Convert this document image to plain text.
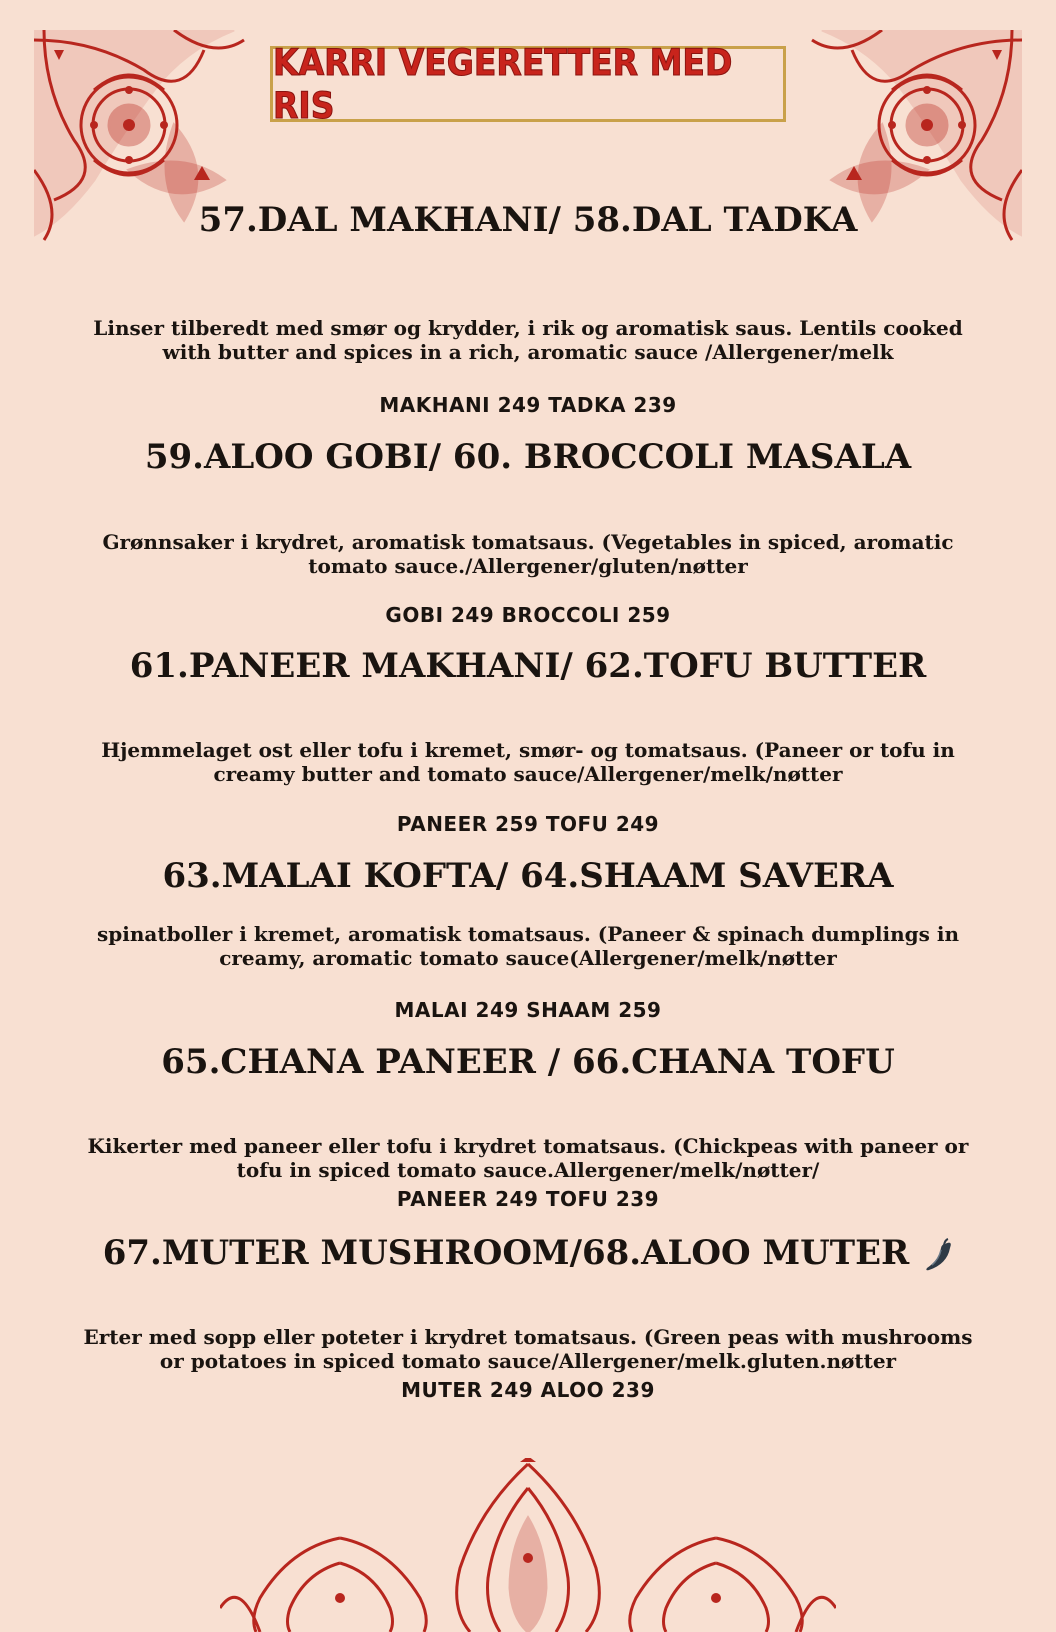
KARRI VEGERETTER MED RIS
57.DAL MAKHANI/ 58.DAL TADKA
Linser tilberedt med smør og krydder, i rik og aromatisk saus. Lentils cooked
with butter and spices in a rich, aromatic sauce /Allergener/melk
MAKHANI 249 TADKA 239
59.ALOO GOBI/ 60. BROCCOLI MASALA
Grønnsaker i krydret, aromatisk tomatsaus. (Vegetables in spiced, aromatic
tomato sauce./Allergener/gluten/nøtter
GOBI 249 BROCCOLI 259
61.PANEER MAKHANI/ 62.TOFU BUTTER
Hjemmelaget ost eller tofu i kremet, smør- og tomatsaus. (Paneer or tofu in
creamy butter and tomato sauce/Allergener/melk/nøtter
PANEER 259 TOFU 249
63.MALAI KOFTA/ 64.SHAAM SAVERA
spinatboller i kremet, aromatisk tomatsaus. (Paneer & spinach dumplings in
creamy, aromatic tomato sauce(Allergener/melk/nøtter
MALAI 249 SHAAM 259
65.CHANA PANEER / 66.CHANA TOFU
Kikerter med paneer eller tofu i krydret tomatsaus. (Chickpeas with paneer or
tofu in spiced tomato sauce.Allergener/melk/nøtter/
PANEER 249 TOFU 239
67.MUTER MUSHROOM/68.ALOO MUTER
Erter med sopp eller poteter i krydret tomatsaus. (Green peas with mushrooms
or potatoes in spiced tomato sauce/Allergener/melk.gluten.nøtter
MUTER 249 ALOO 239
